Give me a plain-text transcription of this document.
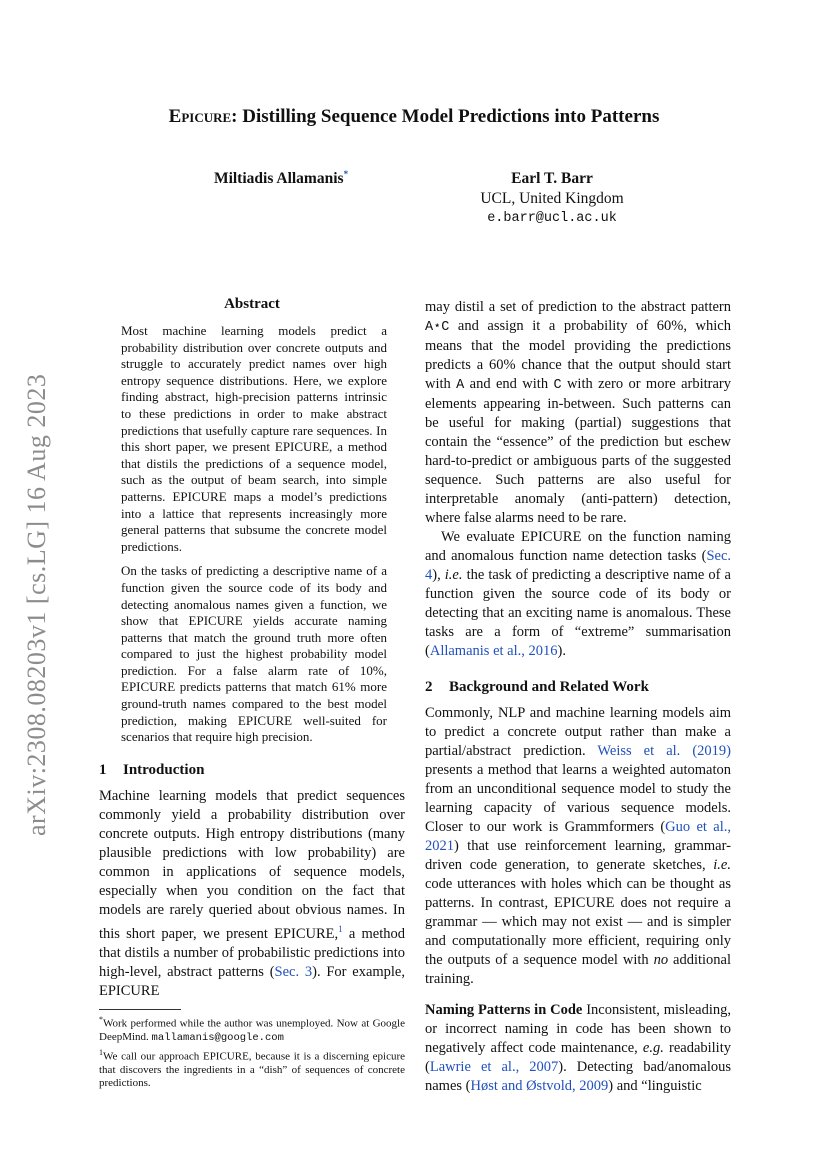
arXiv:2308.08203v1 [cs.LG] 16 Aug 2023
Epicure: Distilling Sequence Model Predictions into Patterns
Miltiadis Allamanis*	Earl T. Barr
UCL, United Kingdom
e.barr@ucl.ac.uk
Abstract

Most machine learning models predict a probability distribution over concrete outputs and struggle to accurately predict names over high entropy sequence distributions. Here, we explore finding abstract, high-precision patterns intrinsic to these predictions in order to make abstract predictions that usefully capture rare sequences. In this short paper, we present EPICURE, a method that distils the predictions of a sequence model, such as the output of beam search, into simple patterns. EPICURE maps a model’s predictions into a lattice that represents increasingly more general patterns that subsume the concrete model predictions.

On the tasks of predicting a descriptive name of a function given the source code of its body and detecting anomalous names given a function, we show that EPICURE yields accurate naming patterns that match the ground truth more often compared to just the highest probability model prediction. For a false alarm rate of 10%, EPICURE predicts patterns that match 61% more ground-truth names compared to the best model prediction, making EPICURE well-suited for scenarios that require high precision.

1 Introduction

Machine learning models that predict sequences commonly yield a probability distribution over concrete outputs. High entropy distributions (many plausible predictions with low probability) are common in applications of sequence models, especially when you condition on the fact that models are rarely queried about obvious names. In this short paper, we present EPICURE,$^1$ a method that distils a number of probabilistic predictions into high-level, abstract patterns (Sec. 3). For example, EPICURE

*Work performed while the author was unemployed. Now at Google DeepMind. mallamanis@google.com

$^1$We call our approach EPICURE, because it is a discerning epicure that discovers the ingredients in a “dish” of sequences of concrete predictions.

may distil a set of prediction to the abstract pattern A⋆C and assign it a probability of 60%, which means that the model providing the predictions predicts a 60% chance that the output should start with A and end with C with zero or more arbitrary elements appearing in-between. Such patterns can be useful for making (partial) suggestions that contain the “essence” of the prediction but eschew hard-to-predict or ambiguous parts of the suggested sequence. Such patterns are also useful for interpretable anomaly (anti-pattern) detection, where false alarms need to be rare.

We evaluate EPICURE on the function naming and anomalous function name detection tasks (Sec. 4), i.e. the task of predicting a descriptive name of a function given the source code of its body or detecting that an exciting name is anomalous. These tasks are a form of “extreme” summarisation (Allamanis et al., 2016).

2 Background and Related Work

Commonly, NLP and machine learning models aim to predict a concrete output rather than make a partial/abstract prediction. Weiss et al. (2019) presents a method that learns a weighted automaton from an unconditional sequence model to study the learning capacity of various sequence models. Closer to our work is Grammformers (Guo et al., 2021) that use reinforcement learning, grammar-driven code generation, to generate sketches, i.e. code utterances with holes which can be thought as patterns. In contrast, EPICURE does not require a grammar — which may not exist — and is simpler and computationally more efficient, requiring only the outputs of a sequence model with no additional training.

Naming Patterns in Code Inconsistent, misleading, or incorrect naming in code has been shown to negatively affect code maintenance, e.g. readability (Lawrie et al., 2007). Detecting bad/anomalous names (Høst and Østvold, 2009) and “linguistic
